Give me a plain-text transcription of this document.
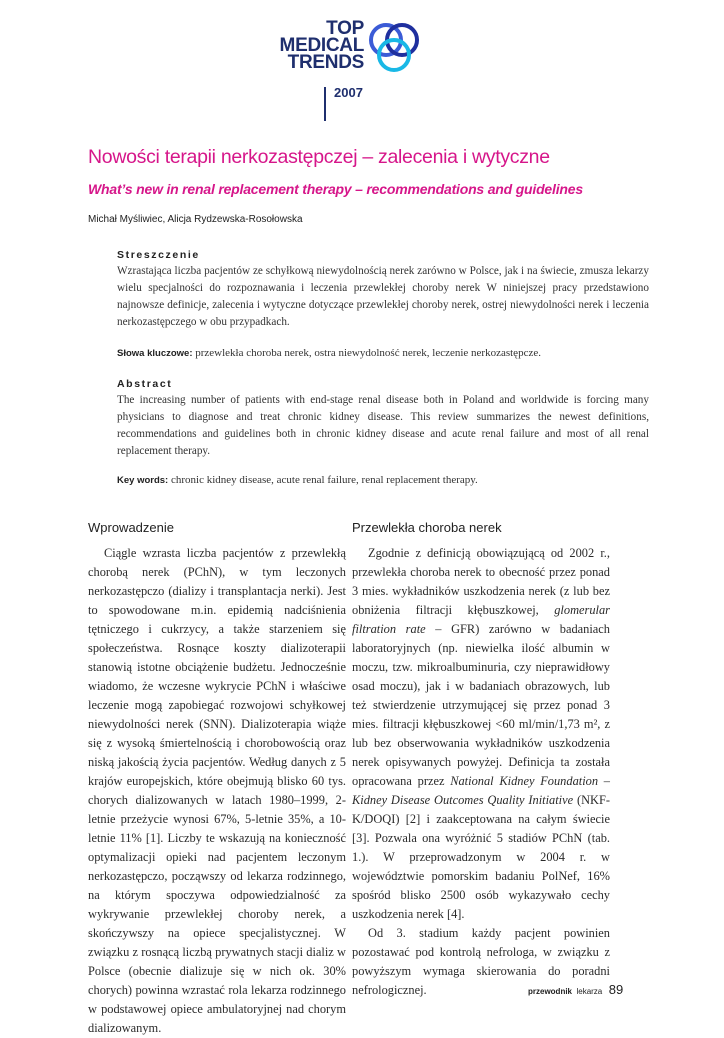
TOP
MEDICAL
TRENDS
2007
Nowości terapii nerkozastępczej – zalecenia i wytyczne
What’s new in renal replacement therapy – recommendations and guidelines
Michał Myśliwiec, Alicja Rydzewska-Rosołowska
Streszczenie

Wzrastająca liczba pacjentów ze schyłkową niewydolnością nerek zarówno w Polsce, jak i na świecie, zmusza lekarzy wielu specjalności do rozpoznawania i leczenia przewlekłej choroby nerek W niniejszej pracy przedstawiono najnowsze definicje, zalecenia i wytyczne dotyczące przewlekłej choroby nerek, ostrej niewydolności nerek i leczenia nerkozastępczego w obu przypadkach.

Słowa kluczowe: przewlekła choroba nerek, ostra niewydolność nerek, leczenie nerkozastępcze.
Abstract

The increasing number of patients with end-stage renal disease both in Poland and worldwide is forcing many physicians to diagnose and treat chronic kidney disease. This review summarizes the newest definitions, recommendations and guidelines both in chronic kidney disease and acute renal failure and most of all renal replacement therapy.

Key words: chronic kidney disease, acute renal failure, renal replacement therapy.
Wprowadzenie

Ciągle wzrasta liczba pacjentów z przewlekłą chorobą nerek (PChN), w tym leczonych nerkozastępczo (dializy i transplantacja nerki). Jest to spowodowane m.in. epidemią nadciśnienia tętniczego i cukrzycy, a także starzeniem się społeczeństwa. Rosnące koszty dializoterapii stanowią istotne obciążenie budżetu. Jednocześnie wiadomo, że wczesne wykrycie PChN i właściwe leczenie mogą zapobiegać rozwojowi schyłkowej niewydolności nerek (SNN). Dializoterapia wiąże się z wysoką śmiertelnością i chorobowością oraz niską jakością życia pacjentów. Według danych z 5 krajów europejskich, które obejmują blisko 60 tys. chorych dializowanych w latach 1980–1999, 2-letnie przeżycie wynosi 67%, 5-letnie 35%, a 10-letnie 11% [1]. Liczby te wskazują na konieczność optymalizacji opieki nad pacjentem leczonym nerkozastępczo, począwszy od lekarza rodzinnego, na którym spoczywa odpowiedzialność za wykrywanie przewlekłej choroby nerek, a skończywszy na opiece specjalistycznej. W związku z rosnącą liczbą prywatnych stacji dializ w Polsce (obecnie dializuje się w nich ok. 30% chorych) powinna wzrastać rola lekarza rodzinnego w podstawowej opiece ambulatoryjnej nad chorym dializowanym.

Przewlekła choroba nerek

Zgodnie z definicją obowiązującą od 2002 r., przewlekła choroba nerek to obecność przez ponad 3 mies. wykładników uszkodzenia nerek (z lub bez obniżenia filtracji kłębuszkowej, glomerular filtration rate – GFR) zarówno w badaniach laboratoryjnych (np. niewielka ilość albumin w moczu, tzw. mikroalbuminuria, czy nieprawidłowy osad moczu), jak i w badaniach obrazowych, lub też stwierdzenie utrzymującej się przez ponad 3 mies. filtracji kłębuszkowej <60 ml/min/1,73 m², z lub bez obserwowania wykładników uszkodzenia nerek opisywanych powyżej. Definicja ta została opracowana przez National Kidney Foundation – Kidney Disease Outcomes Quality Initiative (NKF-K/DOQI) [2] i zaakceptowana na całym świecie [3]. Pozwala ona wyróżnić 5 stadiów PChN (tab. 1.). W przeprowadzonym w 2004 r. w województwie pomorskim badaniu PolNef, 16% spośród blisko 2500 osób wykazywało cechy uszkodzenia nerek [4].

Od 3. stadium każdy pacjent powinien pozostawać pod kontrolą nefrologa, w związku z powyższym wymaga skierowania do poradni nefrologicznej.	przewodnik lekarza 89
